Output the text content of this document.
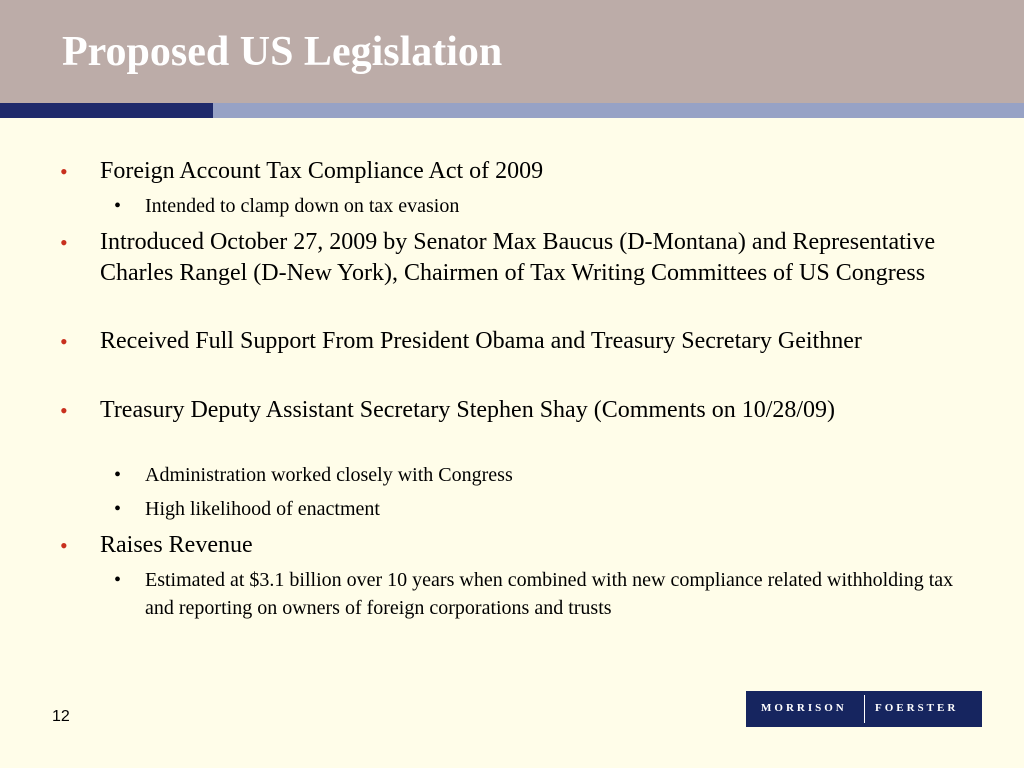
Proposed US Legislation
• Foreign Account Tax Compliance Act of 2009
• Intended to clamp down on tax evasion
• Introduced October 27, 2009 by Senator Max Baucus (D-Montana) and Representative Charles Rangel (D-New York), Chairmen of Tax Writing Committees of US Congress
• Received Full Support From President Obama and Treasury Secretary Geithner
• Treasury Deputy Assistant Secretary Stephen Shay (Comments on 10/28/09)
• Administration worked closely with Congress
• High likelihood of enactment
• Raises Revenue
• Estimated at $3.1 billion over 10 years when combined with new compliance related withholding tax and reporting on owners of foreign corporations and trusts
12	MORRISON	FOERSTER
